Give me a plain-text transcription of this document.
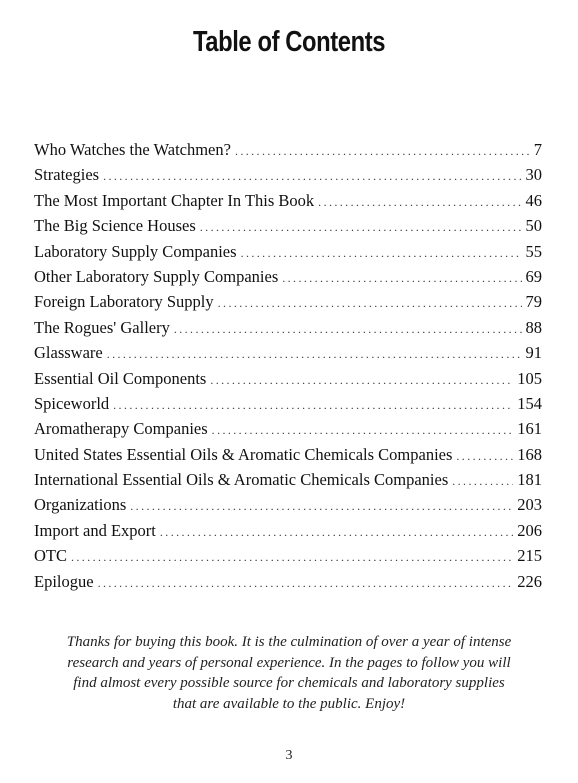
Table of Contents
Who Watches the Watchmen? . . .	7
Strategies . . .	30
The Most Important Chapter In This Book . . .	46
The Big Science Houses . . .	50
Laboratory Supply Companies . . .	55
Other Laboratory Supply Companies . . .	69
Foreign Laboratory Supply . . .	79
The Rogues' Gallery . . .	88
Glassware . . .	91
Essential Oil Components . . .	105
Spiceworld . . .	154
Aromatherapy Companies . . .	161
United States Essential Oils & Aromatic Chemicals Companies . . .	168
International Essential Oils & Aromatic Chemicals Companies . . .	181
Organizations . . .	203
Import and Export . . .	206
OTC . . .	215
Epilogue . . .	226

Thanks for buying this book. It is the culmination of over a year of intense research and years of personal experience. In the pages to follow you will find almost every possible source for chemicals and laboratory supplies that are available to the public. Enjoy!

3
